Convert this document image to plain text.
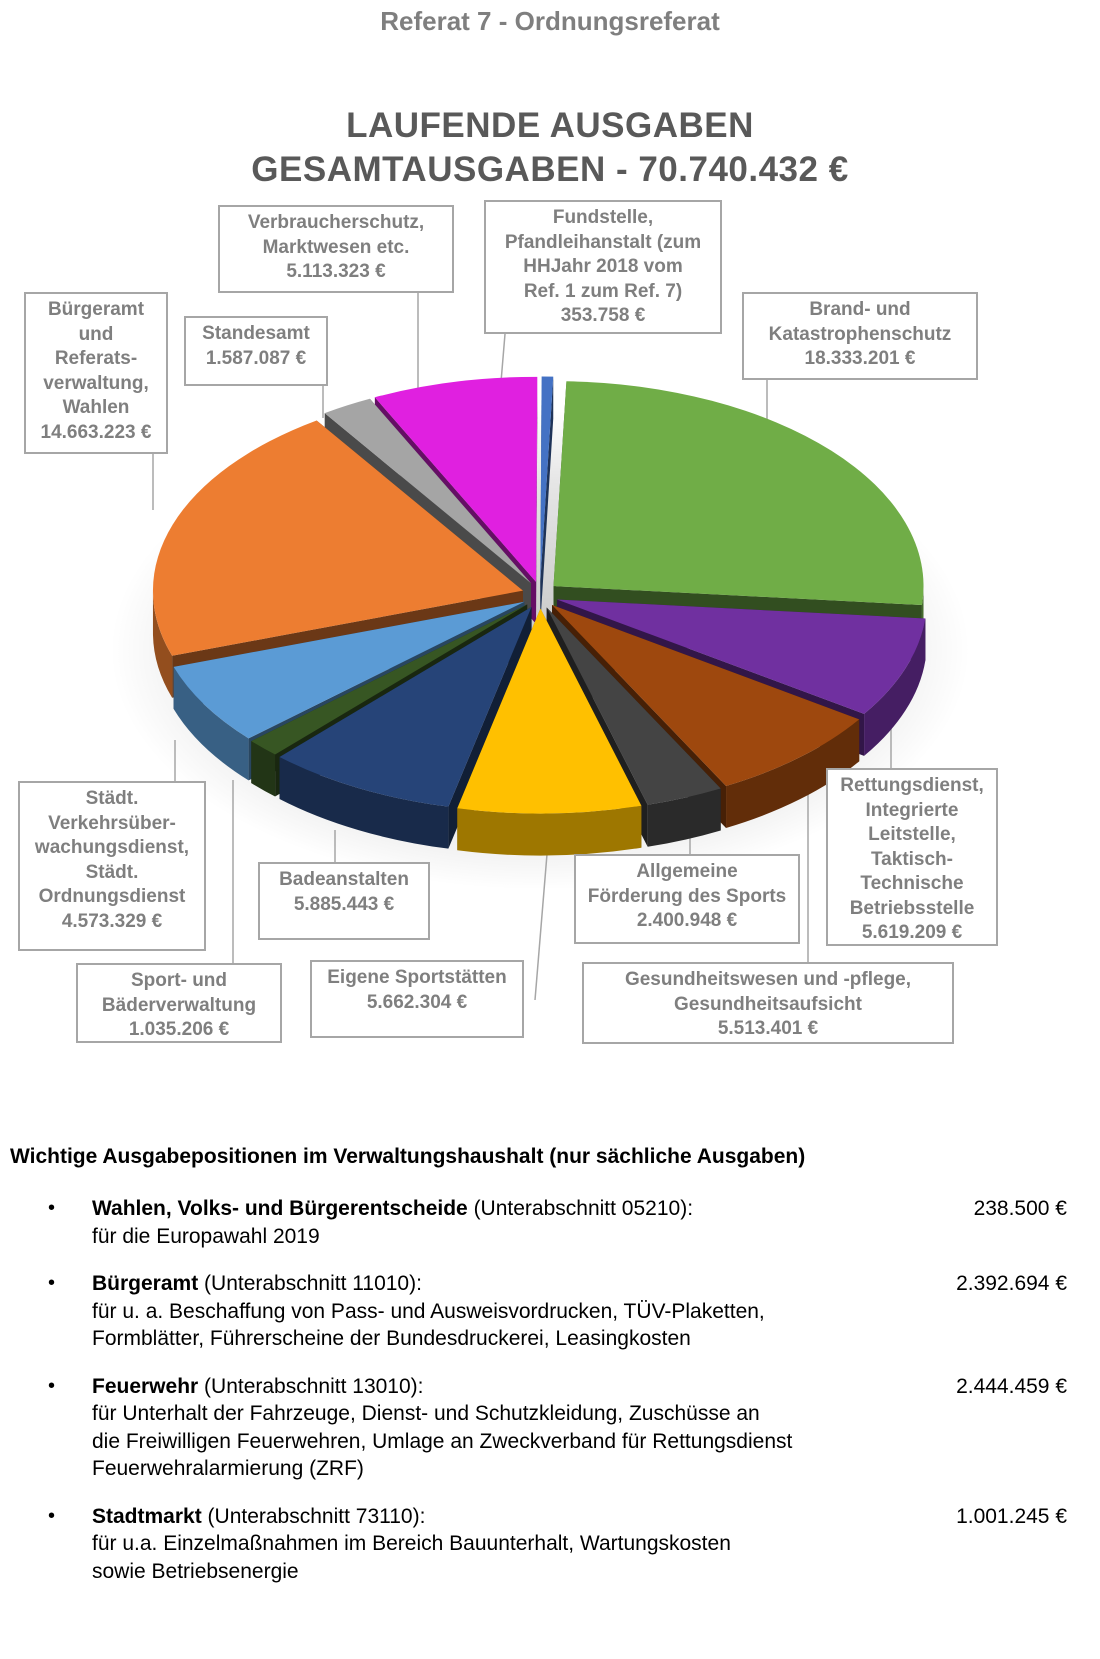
Referat 7 - Ordnungsreferat
LAUFENDE AUSGABEN
GESAMTAUSGABEN - 70.740.432 €
Brand- und
Katastrophenschutz
18.333.201 €
Rettungsdienst,
Integrierte
Leitstelle,
Taktisch-
Technische
Betriebsstelle
5.619.209 €
Gesundheitswesen und -pflege,
Gesundheitsaufsicht
5.513.401 €
Allgemeine
Förderung des Sports
2.400.948 €
Eigene Sportstätten
5.662.304 €
Badeanstalten
5.885.443 €
Sport- und
Bäderverwaltung
1.035.206 €
Städt.
Verkehrsüber-
wachungsdienst,
Städt.
Ordnungsdienst
4.573.329 €
Bürgeramt
und
Referats-
verwaltung,
Wahlen
14.663.223 €
Standesamt
1.587.087 €
Verbraucherschutz,
Marktwesen etc.
5.113.323 €
Fundstelle,
Pfandleihanstalt (zum
HHJahr 2018 vom
Ref. 1 zum Ref. 7)
353.758 €
Wichtige Ausgabepositionen im Verwaltungshaushalt (nur sächliche Ausgaben)
• Wahlen, Volks- und Bürgerentscheide (Unterabschnitt 05210):
für die Europawahl 2019
238.500 €
• Bürgeramt (Unterabschnitt 11010):
für u. a. Beschaffung von Pass- und Ausweisvordrucken, TÜV-Plaketten,
Formblätter, Führerscheine der Bundesdruckerei, Leasingkosten
2.392.694 €
• Feuerwehr (Unterabschnitt 13010):
für Unterhalt der Fahrzeuge, Dienst- und Schutzkleidung, Zuschüsse an
die Freiwilligen Feuerwehren, Umlage an Zweckverband für Rettungsdienst
Feuerwehralarmierung (ZRF)
2.444.459 €
• Stadtmarkt (Unterabschnitt 73110):
für u.a. Einzelmaßnahmen im Bereich Bauunterhalt, Wartungskosten
sowie Betriebsenergie
1.001.245 €
